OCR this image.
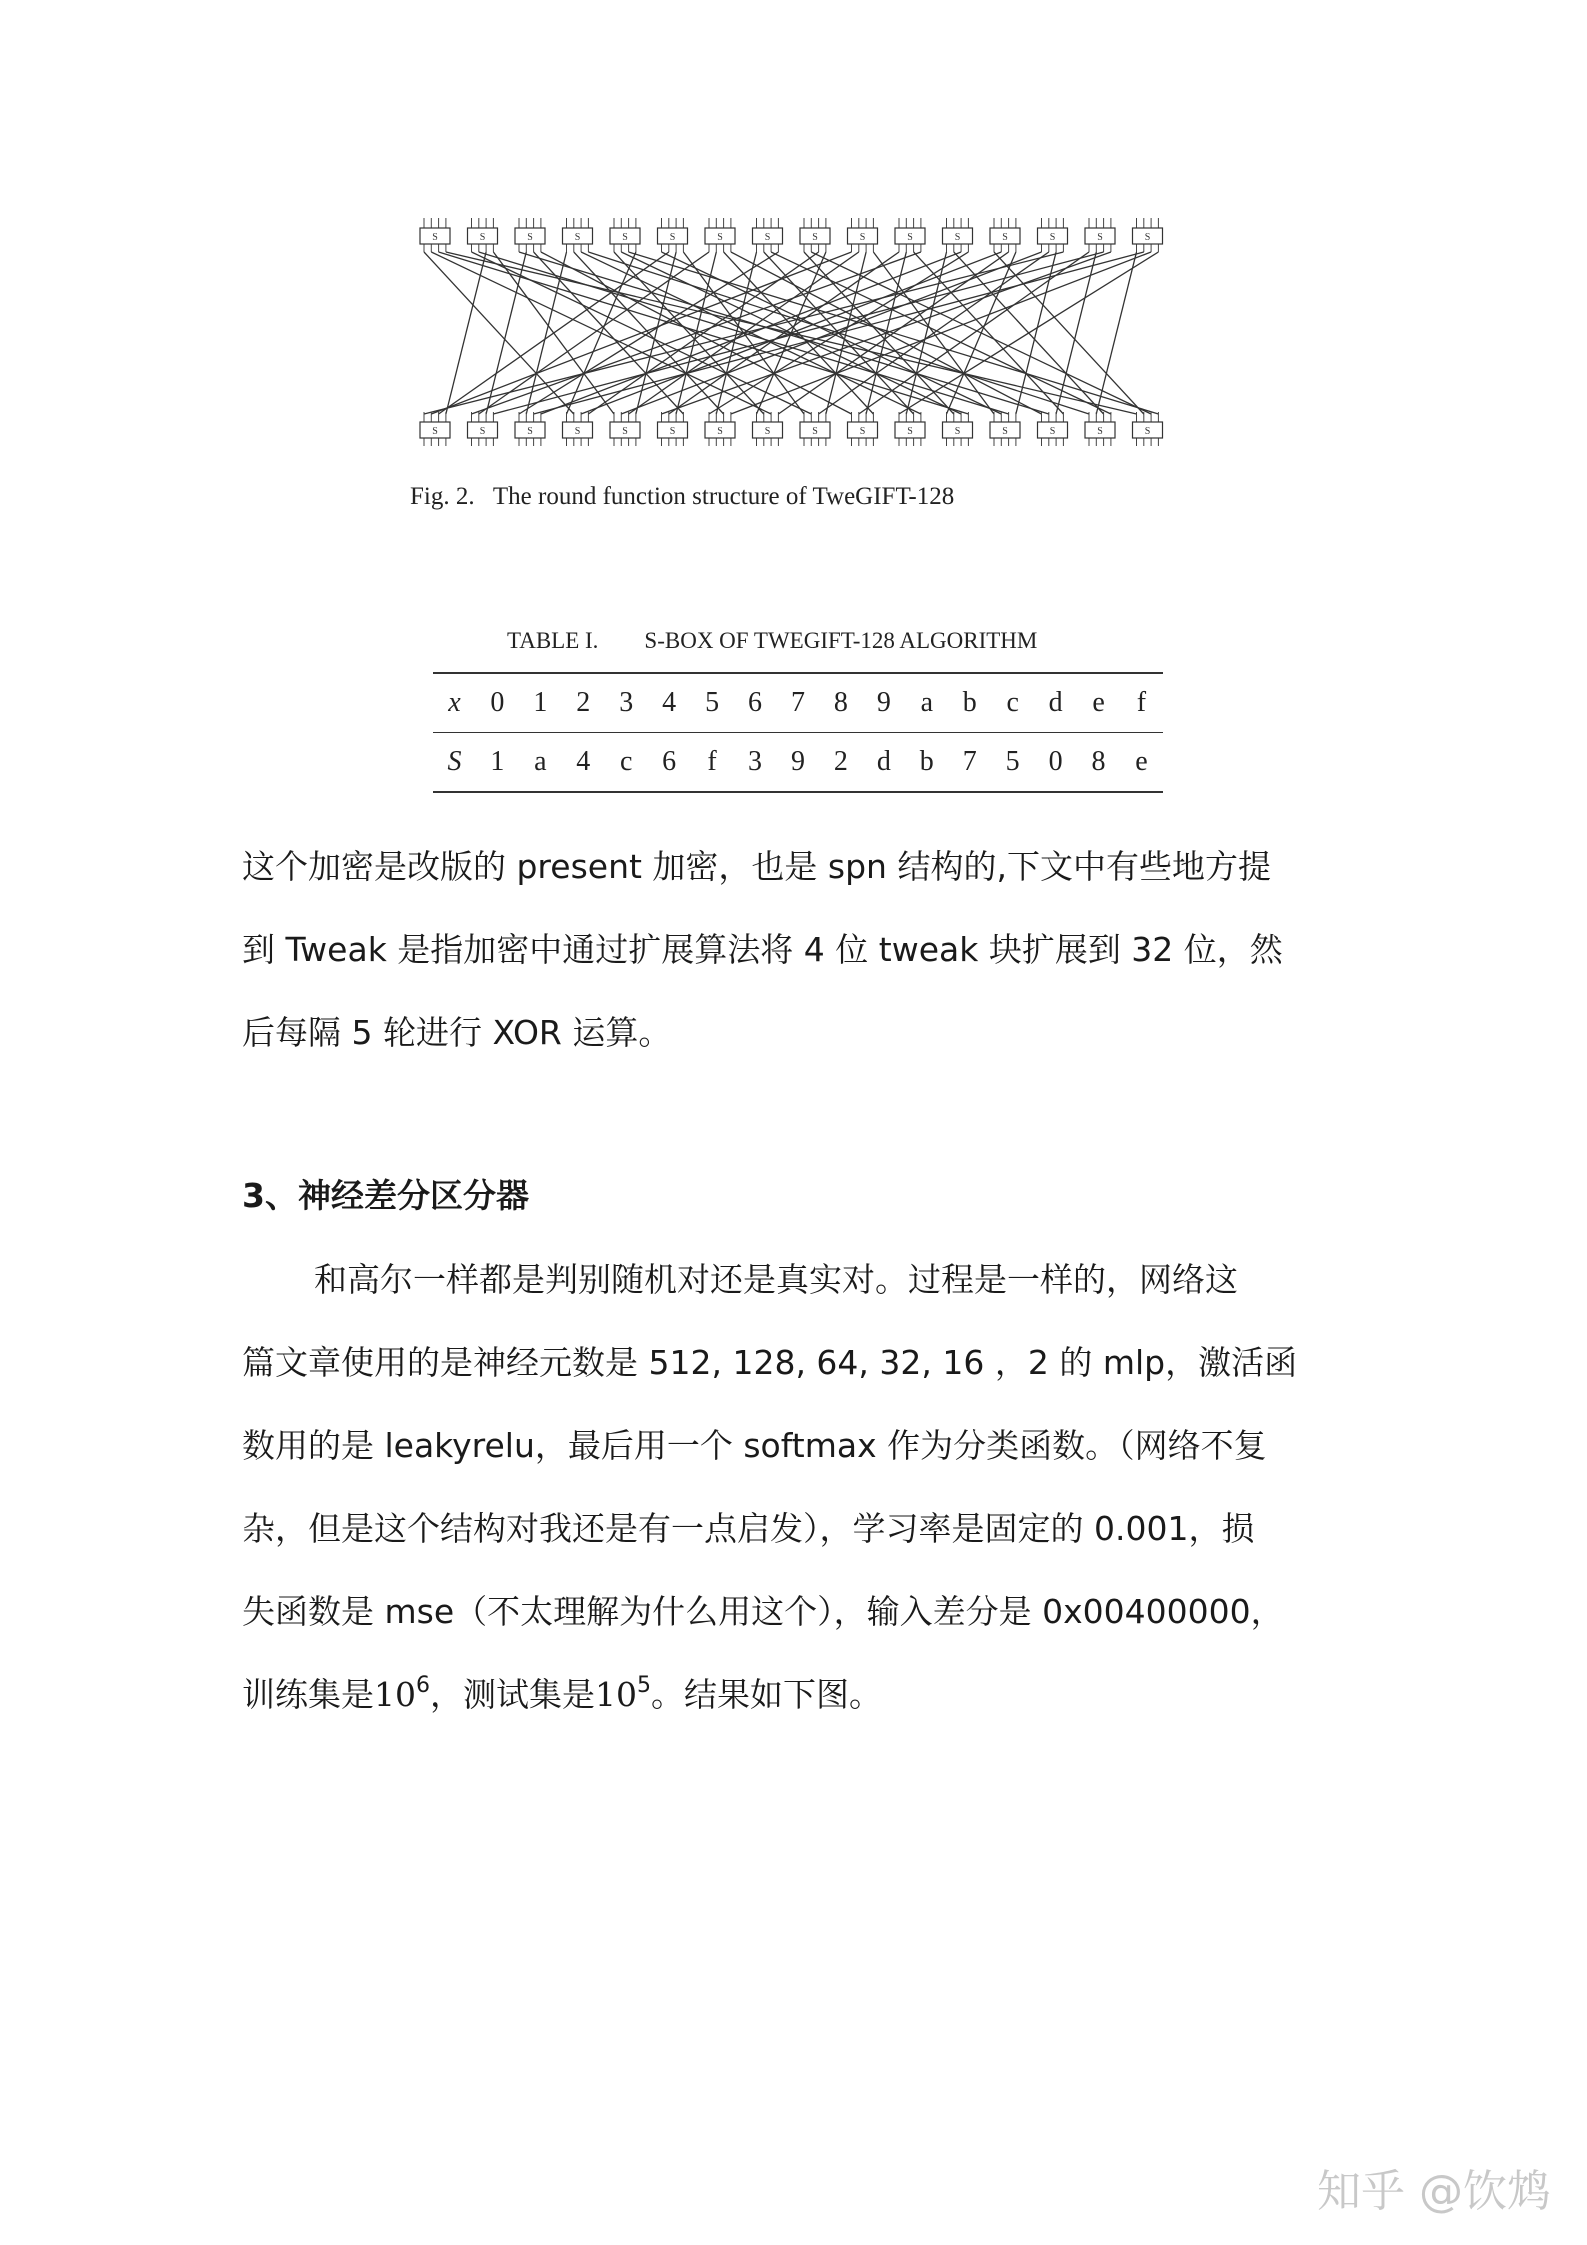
S
S
S
S
S
S
S
S
S
S
S
S
S
S
S
S
S
S
S
S
S
S
S
S
S
S
S
S
S
S
S
S
Fig. 2.   The round function structure of TweGIFT-128
TABLE I.        S-BOX OF TWEGIFT-128 ALGORITHM
x	0	1	2	3	4	5	6	7	8	9	a	b	c	d	e	f
S	1	a	4	c	6	f	3	9	2	d	b	7	5	0	8	e

这个加密是改版的 present 加密，也是 spn 结构的,下文中有些地方提
到 Tweak 是指加密中通过扩展算法将 4 位 tweak 块扩展到 32 位，然
后每隔 5 轮进行 XOR 运算。

3、神经差分区分器

和高尔一样都是判别随机对还是真实对。过程是一样的，网络这
篇文章使用的是神经元数是 512, 128, 64, 32, 16 ，2 的 mlp，激活函
数用的是 leakyrelu，最后用一个 softmax 作为分类函数。（网络不复
杂，但是这个结构对我还是有一点启发），学习率是固定的 0.001，损
失函数是 mse（不太理解为什么用这个），输入差分是 0x00400000，
训练集是$10^6$，测试集是$10^5$。结果如下图。

知乎 @饮鸩
